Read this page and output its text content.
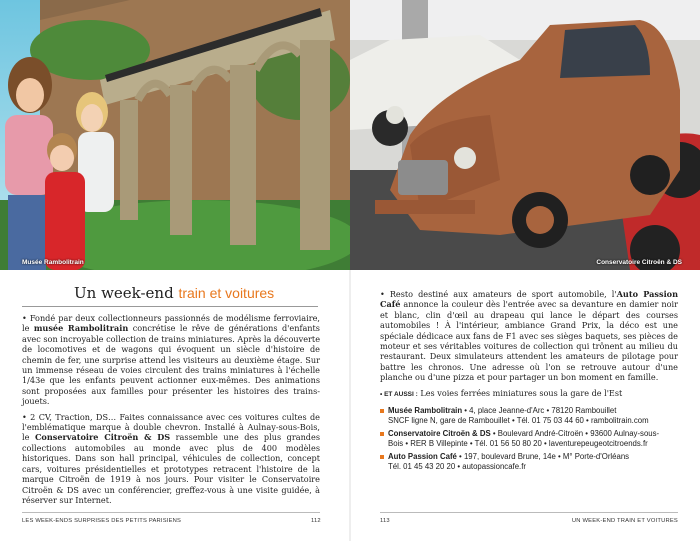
Musée Rambolitrain
Un week-end train et voitures

• Fondé par deux collectionneurs passionnés de modélisme ferroviaire, le musée Rambolitrain concrétise le rêve de générations d'enfants avec son incroyable collection de trains miniatures. Après la découverte de locomotives et de wagons qui évoquent un siècle d'histoire de chemin de fer, une surprise attend les visiteurs au deuxième étage. Sur un immense réseau de voies circulent des trains miniatures à l'échelle 1/43e que les enfants peuvent actionner eux-mêmes. Des animations sont proposées aux familles pour présenter les histoires des trains-jouets.

• 2 CV, Traction, DS… Faites connaissance avec ces voitures cultes de l'emblématique marque à double chevron. Installé à Aulnay-sous-Bois, le Conservatoire Citroën & DS rassemble une des plus grandes collections automobiles au monde avec plus de 400 modèles historiques. Dans son hall principal, véhicules de collection, concept cars, voitures présidentielles et prototypes retracent l'histoire de la marque Citroën de 1919 à nos jours. Pour visiter le Conservatoire Citroën & DS avec un conférencier, greffez-vous à une visite guidée, à réserver sur Internet.

LES WEEK-ENDS SURPRISES DES PETITS PARISIENS	112
Conservatoire Citroën & DS

• Resto destiné aux amateurs de sport automobile, l'Auto Passion Café annonce la couleur dès l'entrée avec sa devanture en damier noir et blanc, clin d'œil au drapeau qui lance le départ des courses automobiles ! À l'intérieur, ambiance Grand Prix, la déco est une spéciale dédicace aux fans de F1 avec ses sièges baquets, ses pièces de moteur et ses véritables voitures de collection qui trônent au milieu du restaurant. Deux simulateurs attendent les amateurs de pilotage pour battre les chronos. Une adresse où l'on se retrouve autour d'une planche ou d'une pizza et pour partager un bon moment en famille.

• ET AUSSI : Les voies ferrées miniatures sous la gare de l'Est
Musée Rambolitrain • 4, place Jeanne-d'Arc • 78120 Rambouillet
SNCF ligne N, gare de Rambouillet • Tél. 01 75 03 44 60 • rambolitrain.com
Conservatoire Citroën & DS • Boulevard André-Citroën • 93600 Aulnay-sous-
Bois • RER B Villepinte • Tél. 01 56 50 80 20 • laventurepeugeotcitroends.fr
Auto Passion Café • 197, boulevard Brune, 14e • M° Porte-d'Orléans
Tél. 01 45 43 20 20 • autopassioncafe.fr
113	UN WEEK-END TRAIN ET VOITURES
